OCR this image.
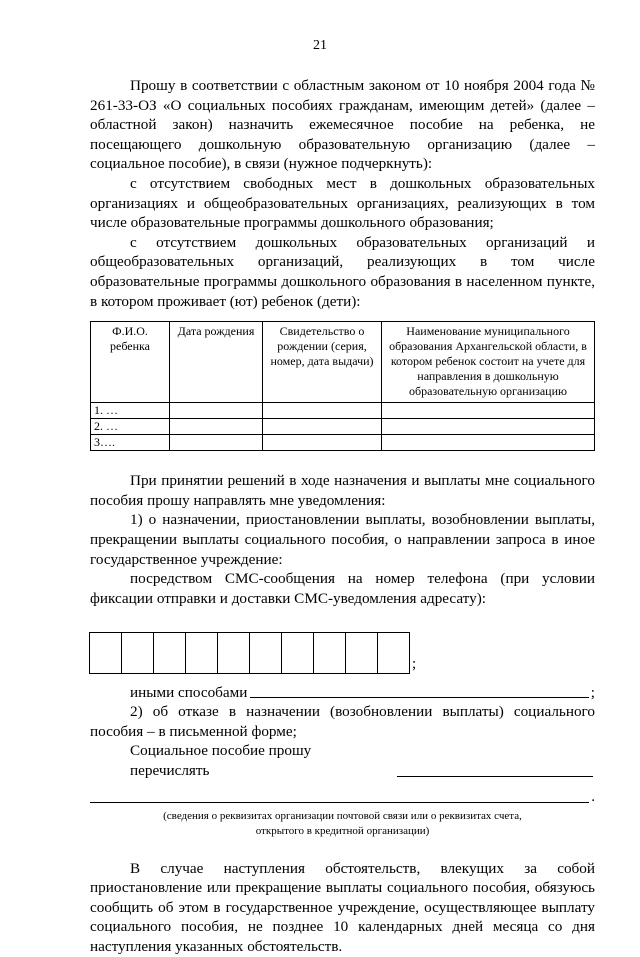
21

Прошу в соответствии с областным законом от 10 ноября 2004 года № 261-33-ОЗ «О социальных пособиях гражданам, имеющим детей» (далее – областной закон) назначить ежемесячное пособие на ребенка, не посещающего дошкольную образовательную организацию (далее – социальное пособие), в связи (нужное подчеркнуть):

с отсутствием свободных мест в дошкольных образовательных организациях и общеобразовательных организациях, реализующих в том числе образовательные программы дошкольного образования;

с отсутствием дошкольных образовательных организаций и общеобразовательных организаций, реализующих в том числе образовательные программы дошкольного образования в населенном пункте, в котором проживает (ют) ребенок (дети):

Ф.И.О. ребенка	Дата рождения	Свидетельство о рождении (серия, номер, дата выдачи)	Наименование муниципального образования Архангельской области, в котором ребенок состоит на учете для направления в дошкольную образовательную организацию
1. …			
2. …			
3….			

При принятии решений в ходе назначения и выплаты мне социального пособия прошу направлять мне уведомления:

1) о назначении, приостановлении выплаты, возобновлении выплаты, прекращении выплаты социального пособия, о направлении запроса в иное государственное учреждение:

посредством СМС-сообщения на номер телефона (при условии фиксации отправки и доставки СМС-уведомления адресату):

;
иными способами	;

2) об отказе в назначении (возобновлении выплаты) социального пособия – в письменной форме;

Социальное пособие прошу перечислять
.
(сведения о реквизитах организации почтовой связи или о реквизитах счета,
открытого в кредитной организации)

В случае наступления обстоятельств, влекущих за собой приостановление или прекращение выплаты социального пособия, обязуюсь сообщить об этом в государственное учреждение, осуществляющее выплату социального пособия, не позднее 10 календарных дней месяца со дня наступления указанных обстоятельств.
